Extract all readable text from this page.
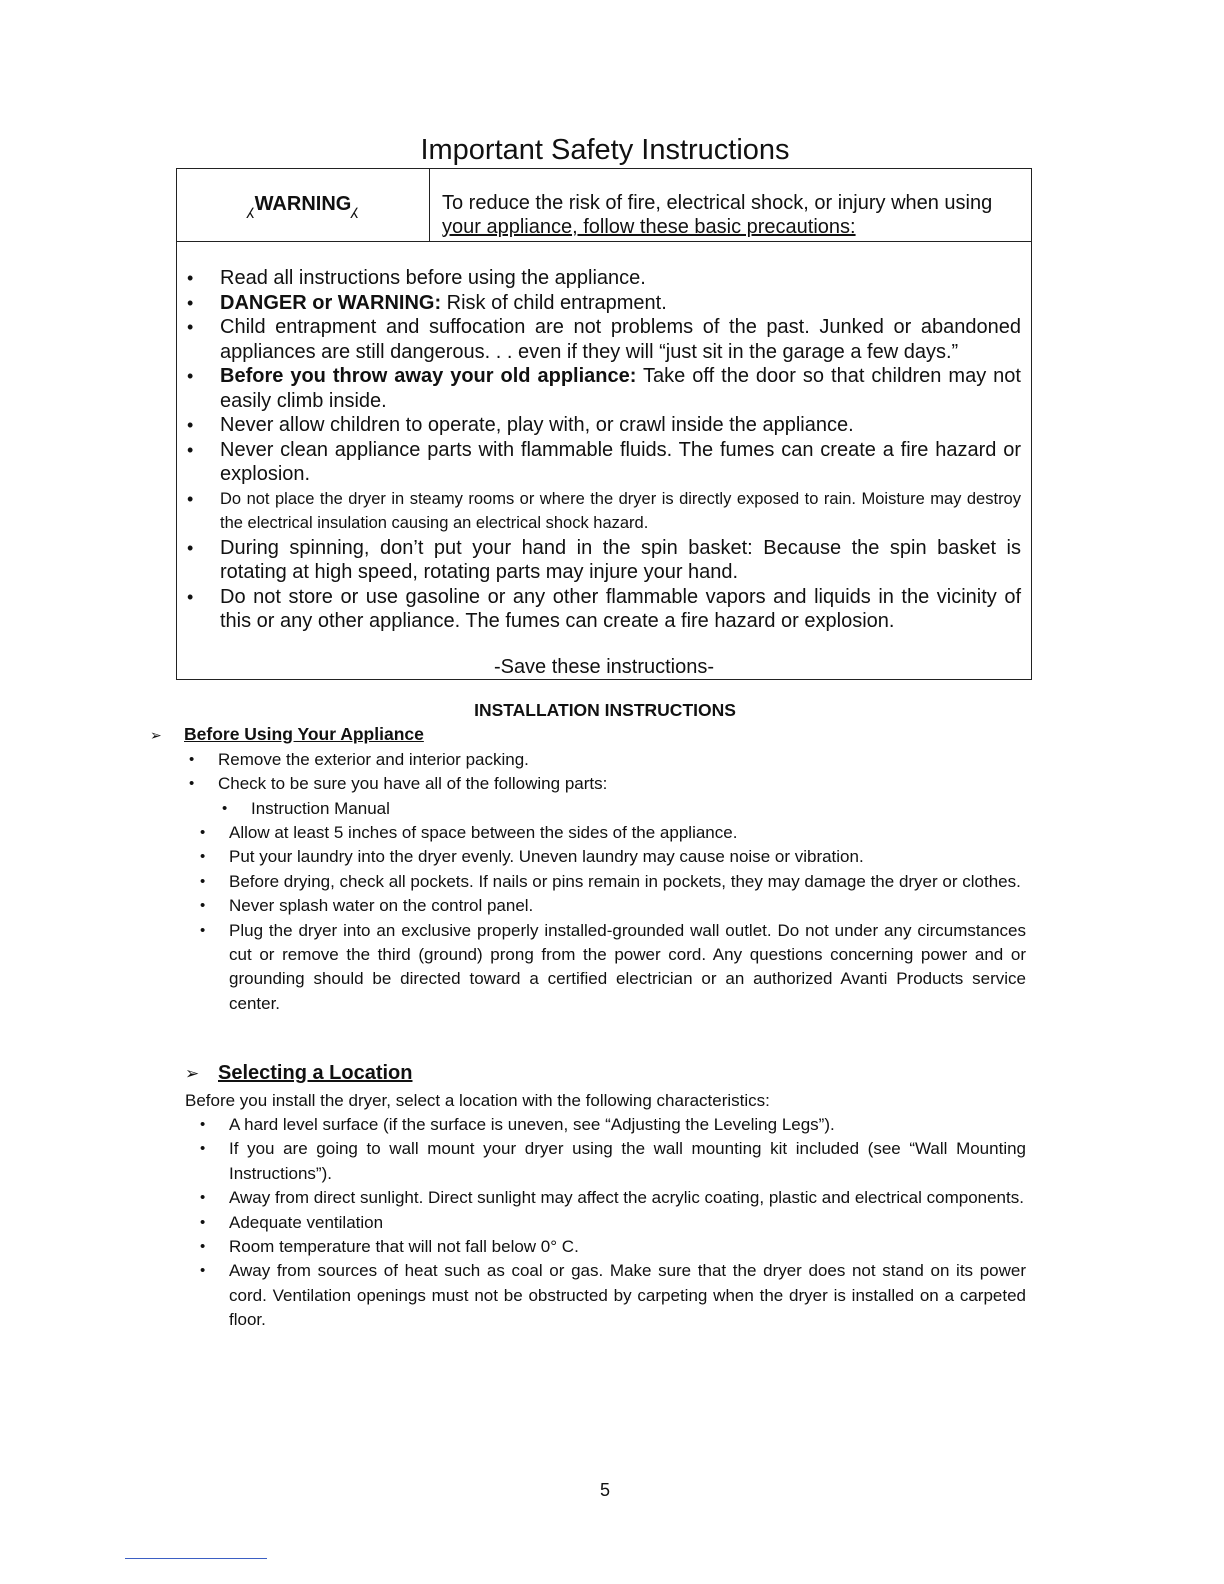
Important Safety Instructions
⁁ WARNING ⁁	To reduce the risk of fire, electrical shock, or injury when using
your appliance, follow these basic precautions:
• Read all instructions before using the appliance.
• DANGER or WARNING: Risk of child entrapment.
• Child entrapment and suffocation are not problems of the past. Junked or abandoned appliances are still dangerous. . . even if they will “just sit in the garage a few days.”
• Before you throw away your old appliance: Take off the door so that children may not easily climb inside.
• Never allow children to operate, play with, or crawl inside the appliance.
• Never clean appliance parts with flammable fluids. The fumes can create a fire hazard or explosion.
• Do not place the dryer in steamy rooms or where the dryer is directly exposed to rain. Moisture may destroy the electrical insulation causing an electrical shock hazard.
• During spinning, don’t put your hand in the spin basket: Because the spin basket is rotating at high speed, rotating parts may injure your hand.
• Do not store or use gasoline or any other flammable vapors and liquids in the vicinity of this or any other appliance. The fumes can create a fire hazard or explosion.
-Save these instructions-
INSTALLATION INSTRUCTIONS
➢ Before Using Your Appliance
• Remove the exterior and interior packing.
• Check to be sure you have all of the following parts:
• Instruction Manual
• Allow at least 5 inches of space between the sides of the appliance.
• Put your laundry into the dryer evenly. Uneven laundry may cause noise or vibration.
• Before drying, check all pockets. If nails or pins remain in pockets, they may damage the dryer or clothes.
• Never splash water on the control panel.
• Plug the dryer into an exclusive properly installed-grounded wall outlet. Do not under any circumstances cut or remove the third (ground) prong from the power cord. Any questions concerning power and or grounding should be directed toward a certified electrician or an authorized Avanti Products service center.
➢ Selecting a Location
Before you install the dryer, select a location with the following characteristics:
• A hard level surface (if the surface is uneven, see “Adjusting the Leveling Legs”).
• If you are going to wall mount your dryer using the wall mounting kit included (see “Wall Mounting Instructions”).
• Away from direct sunlight. Direct sunlight may affect the acrylic coating, plastic and electrical components.
• Adequate ventilation
• Room temperature that will not fall below 0° C.
• Away from sources of heat such as coal or gas. Make sure that the dryer does not stand on its power cord. Ventilation openings must not be obstructed by carpeting when the dryer is installed on a carpeted floor.
5
